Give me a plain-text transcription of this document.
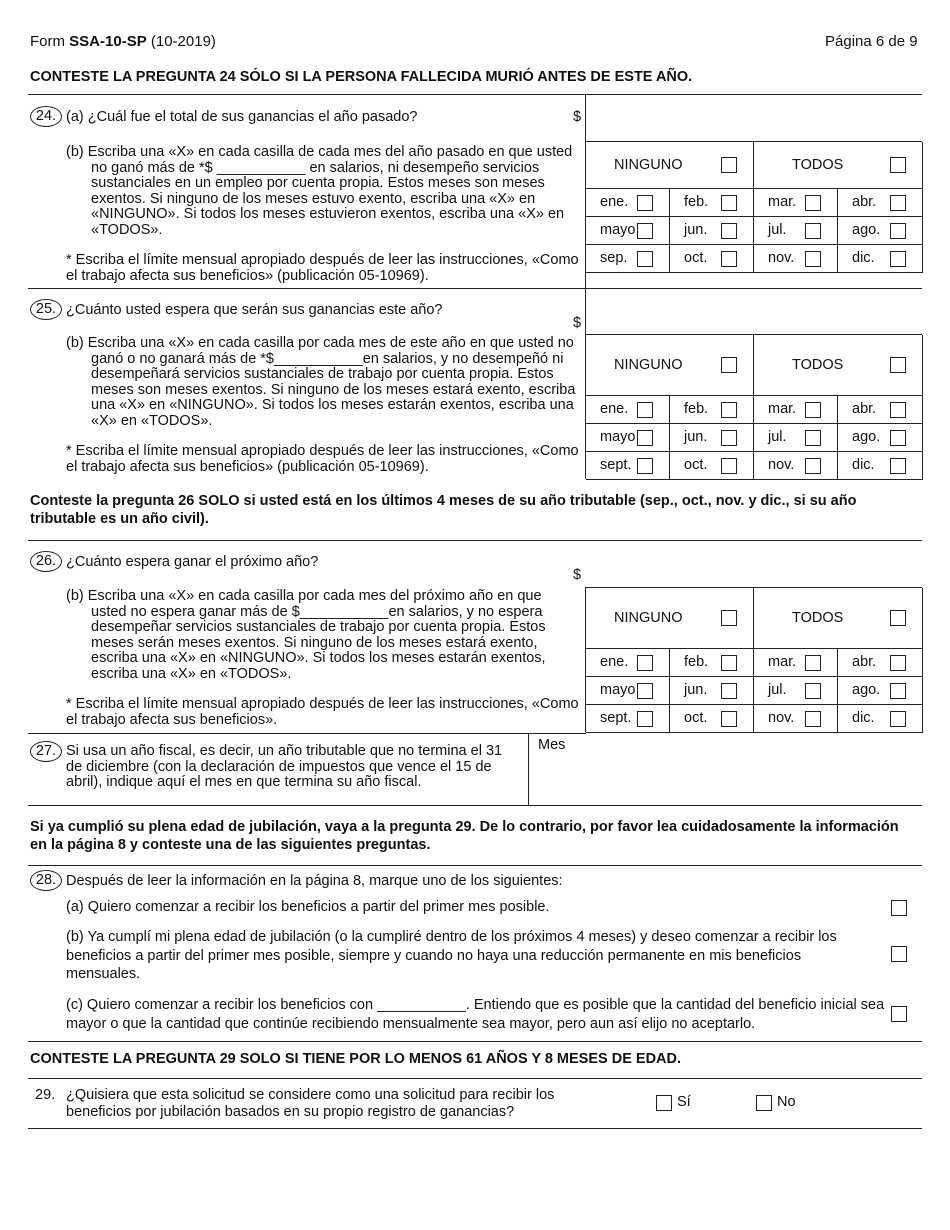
Form SSA-10-SP (10-2019)	Página 6 de 9
CONTESTE LA PREGUNTA 24 SÓLO SI LA PERSONA FALLECIDA MURIÓ ANTES DE ESTE AÑO.
24. (a) ¿Cuál fue el total de sus ganancias el año pasado?	$
(b) Escriba una «X» en cada casilla de cada mes del año pasado en que usted no ganó más de *$ ___________ en salarios, ni desempeño servicios sustanciales en un empleo por cuenta propia. Estos meses son meses exentos. Si ninguno de los meses estuvo exento, escriba una «X» en «NINGUNO». Si todos los meses estuvieron exentos, escriba una «X» en «TODOS».
* Escriba el límite mensual apropiado después de leer las instrucciones, «Como el trabajo afecta sus beneficios» (publicación 05-10969).
NINGUNO	TODOS
ene.	feb.	mar.	abr.
mayo	jun.	jul.	ago.
sep.	oct.	nov.	dic.
25. ¿Cuánto usted espera que serán sus ganancias este año?
$
(b) Escriba una «X» en cada casilla por cada mes de este año en que usted no ganó o no ganará más de *$___________en salarios, y no desempeñó ni desempeñará servicios sustanciales de trabajo por cuenta propia. Estos meses son meses exentos. Si ninguno de los meses estará exento, escriba una «X» en «NINGUNO». Si todos los meses estarán exentos, escriba una «X» en «TODOS».
* Escriba el límite mensual apropiado después de leer las instrucciones, «Como el trabajo afecta sus beneficios» (publicación 05-10969).
NINGUNO	TODOS
ene.	feb.	mar.	abr.
mayo	jun.	jul.	ago.
sept.	oct.	nov.	dic.
Conteste la pregunta 26 SOLO si usted está en los últimos 4 meses de su año tributable (sep., oct., nov. y dic., si su año tributable es un año civil).
26. ¿Cuánto espera ganar el próximo año?
$
(b) Escriba una «X» en cada casilla por cada mes del próximo año en que usted no espera ganar más de $___________en salarios, y no espera desempeñar servicios sustanciales de trabajo por cuenta propia. Estos meses serán meses exentos. Si ninguno de los meses estará exento, escriba una «X» en «NINGUNO». Si todos los meses estarán exentos, escriba una «X» en «TODOS».
* Escriba el límite mensual apropiado después de leer las instrucciones, «Como el trabajo afecta sus beneficios».
NINGUNO	TODOS
ene.	feb.	mar.	abr.
mayo	jun.	jul.	ago.
sept.	oct.	nov.	dic.
27. Si usa un año fiscal, es decir, un año tributable que no termina el 31 de diciembre (con la declaración de impuestos que vence el 15 de abril), indique aquí el mes en que termina su año fiscal.
Mes
Si ya cumplió su plena edad de jubilación, vaya a la pregunta 29. De lo contrario, por favor lea cuidadosamente la información en la página 8 y conteste una de las siguientes preguntas.
28. Después de leer la información en la página 8, marque uno de los siguientes:
(a) Quiero comenzar a recibir los beneficios a partir del primer mes posible.
(b) Ya cumplí mi plena edad de jubilación (o la cumpliré dentro de los próximos 4 meses) y deseo comenzar a recibir los beneficios a partir del primer mes posible, siempre y cuando no haya una reducción permanente en mis beneficios mensuales.
(c) Quiero comenzar a recibir los beneficios con ___________. Entiendo que es posible que la cantidad del beneficio inicial sea mayor o que la cantidad que continúe recibiendo mensualmente sea mayor, pero aun así elijo no aceptarlo.
CONTESTE LA PREGUNTA 29 SOLO SI TIENE POR LO MENOS 61 AÑOS Y 8 MESES DE EDAD.
29. ¿Quisiera que esta solicitud se considere como una solicitud para recibir los beneficios por jubilación basados en su propio registro de ganancias?
Sí	No
